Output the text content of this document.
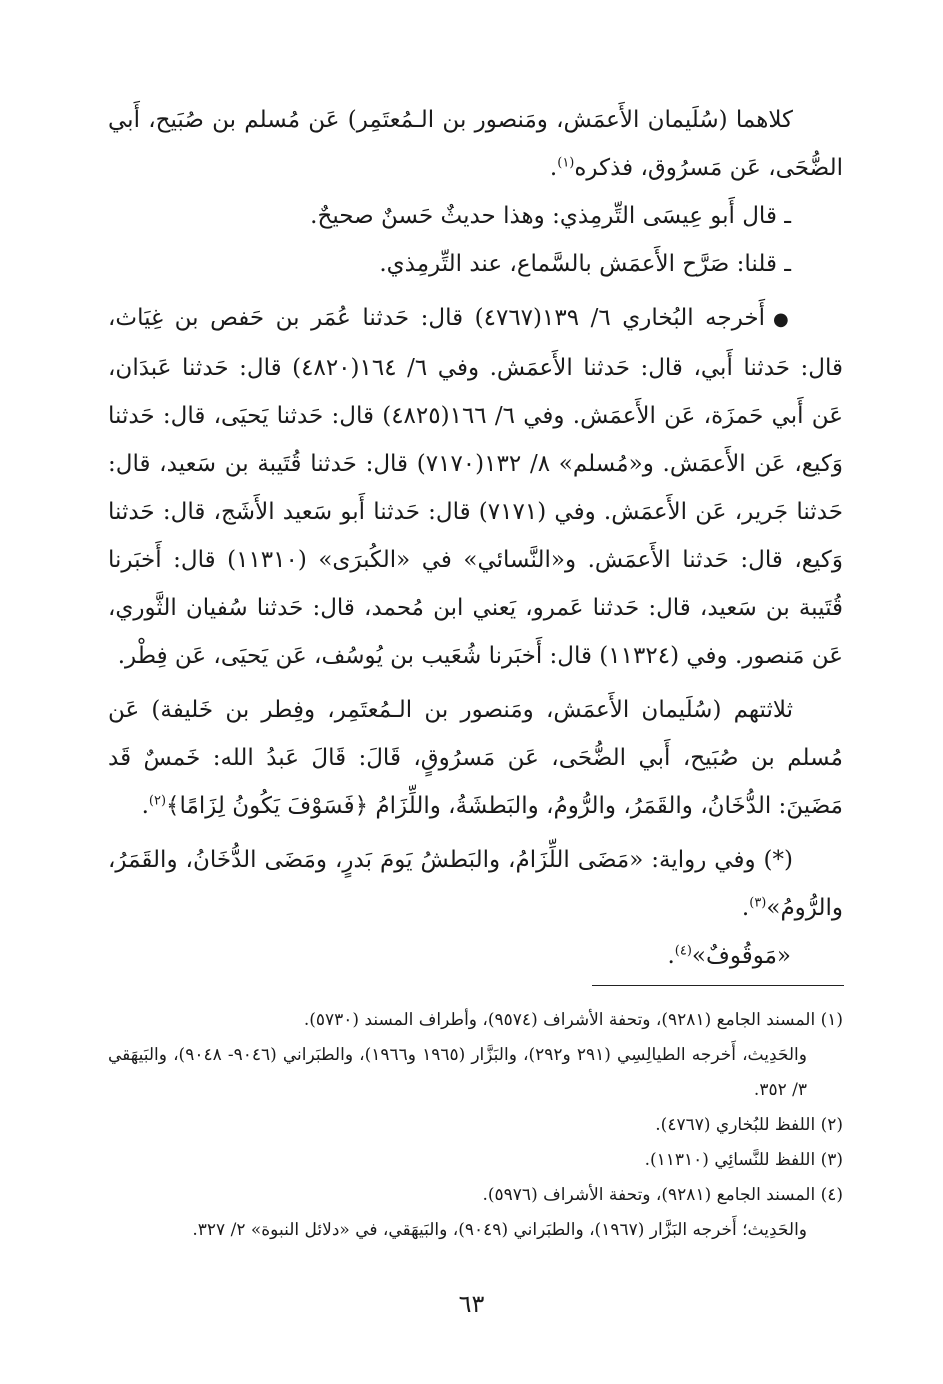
كلاهما (سُلَيمان الأَعمَش، ومَنصور بن الـمُعتَمِر) عَن مُسلم بن صُبَيح، أَبي الضُّحَى، عَن مَسرُوق، فذكره$^{(١)}$.

ـ قال أَبو عِيسَى التِّرمِذي: وهذا حديثٌ حَسنٌ صحيحٌ.

ـ قلنا: صَرَّح الأَعمَش بالسَّماع، عند التِّرمِذي.

●أَخرجه البُخاري ٦/ ١٣٩(٤٧٦٧) قال: حَدثنا عُمَر بن حَفص بن غِيَاث، قال: حَدثنا أَبي، قال: حَدثنا الأَعمَش. وفي ٦/ ١٦٤(٤٨٢٠) قال: حَدثنا عَبدَان، عَن أَبي حَمزَة، عَن الأَعمَش. وفي ٦/ ١٦٦(٤٨٢٥) قال: حَدثنا يَحيَى، قال: حَدثنا وَكيع، عَن الأَعمَش. و«مُسلم» ٨/ ١٣٢(٧١٧٠) قال: حَدثنا قُتَيبة بن سَعيد، قال: حَدثنا جَرير، عَن الأَعمَش. وفي (٧١٧١) قال: حَدثنا أَبو سَعيد الأَشَج، قال: حَدثنا وَكيع، قال: حَدثنا الأَعمَش. و«النَّسائي» في «الكُبرَى» (١١٣١٠) قال: أَخبَرنا قُتَيبة بن سَعيد، قال: حَدثنا عَمرو، يَعني ابن مُحمد، قال: حَدثنا سُفيان الثَّوري، عَن مَنصور. وفي (١١٣٢٤) قال: أَخبَرنا شُعَيب بن يُوسُف، عَن يَحيَى، عَن فِطْر.

ثلاثتهم (سُلَيمان الأَعمَش، ومَنصور بن الـمُعتَمِر، وفِطر بن خَليفة) عَن مُسلم بن صُبَيح، أَبي الضُّحَى، عَن مَسرُوقٍ، قَالَ: قَالَ عَبدُ الله: خَمسٌ قَد مَضَينَ: الدُّخَانُ، والقَمَرُ، والرُّومُ، والبَطشَةُ، واللِّزَامُ ﴿فَسَوْفَ يَكُونُ لِزَامًا﴾$^{(٢)}$.

(*) وفي رواية: «مَضَى اللِّزَامُ، والبَطشُ يَومَ بَدرٍ، ومَضَى الدُّخَانُ، والقَمَرُ، والرُّومُ»$^{(٣)}$.

«مَوقُوفٌ»$^{(٤)}$.

(١) المسند الجامع (٩٢٨١)، وتحفة الأشراف (٩٥٧٤)، وأطراف المسند (٥٧٣٠).

والحَدِيث، أَخرجه الطيالِسِي (٢٩١ و٢٩٢)، والبَزَّار (١٩٦٥ و١٩٦٦)، والطبَراني (٩٠٤٦- ٩٠٤٨)، والبَيهَقي ٣/ ٣٥٢.

(٢) اللفظ للبُخاري (٤٧٦٧).

(٣) اللفظ للنَّسائِي (١١٣١٠).

(٤) المسند الجامع (٩٢٨١)، وتحفة الأشراف (٥٩٧٦).

والحَدِيث؛ أَخرجه البَزَّار (١٩٦٧)، والطبَراني (٩٠٤٩)، والبَيهَقي، في «دلائل النبوة» ٢/ ٣٢٧.

٦٣
